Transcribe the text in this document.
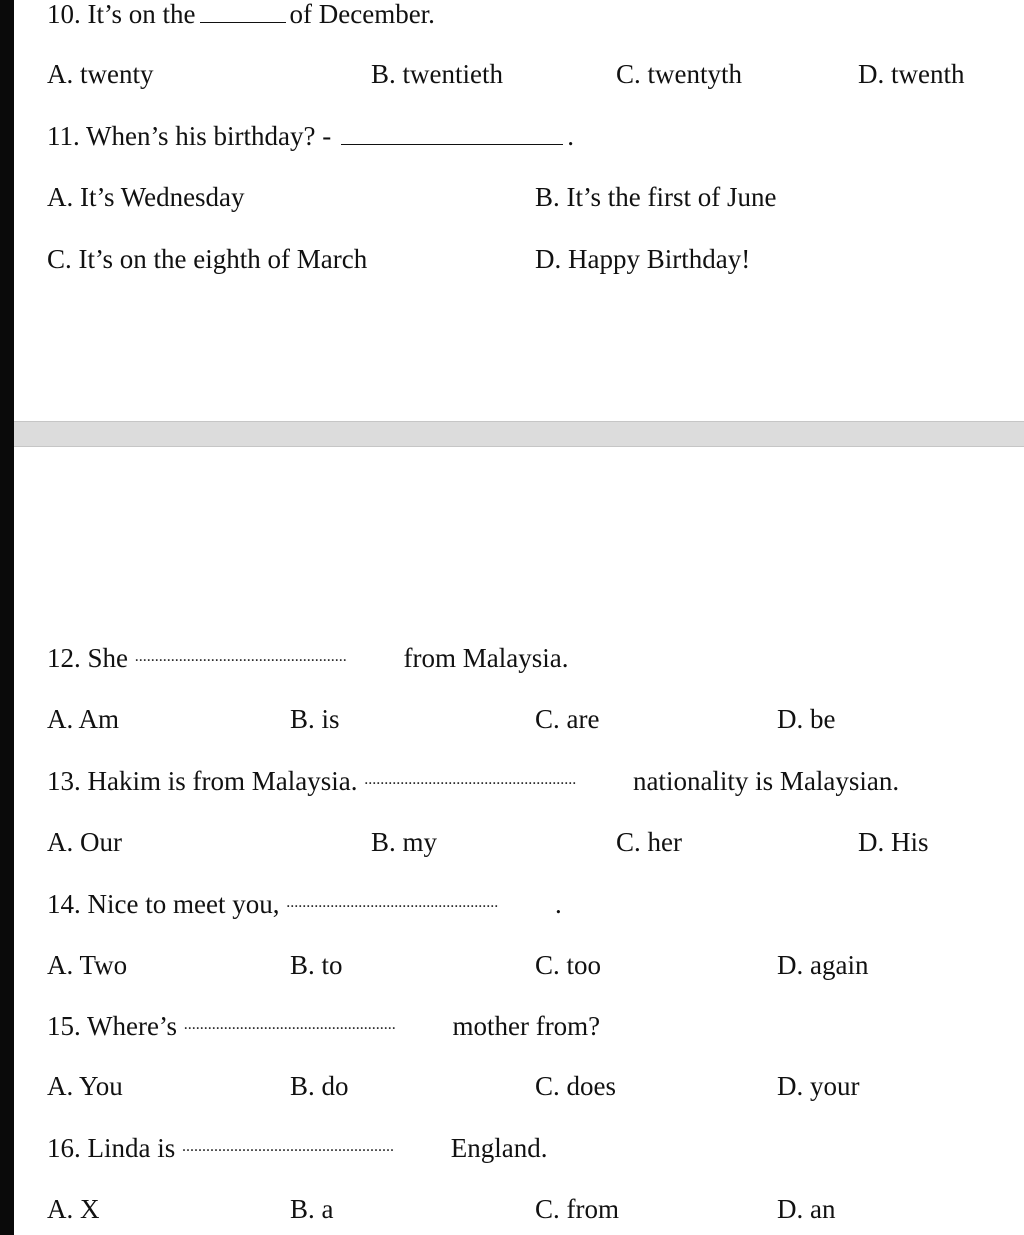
10. It’s on the	of December.
A. twenty	B. twentieth	C. twentyth	D. twenth
11. When’s his birthday? -	.
A. It’s Wednesday	B. It’s the first of June
C. It’s on the eighth of March	D. Happy Birthday!
12. She ..................................................... from Malaysia.
A. Am	B. is	C. are	D. be
13. Hakim is from Malaysia. ..................................................... nationality is Malaysian.
A. Our	B. my	C. her	D. His
14. Nice to meet you, ..................................................... .
A. Two	B. to	C. too	D. again
15. Where’s ..................................................... mother from?
A. You	B. do	C. does	D. your
16. Linda is ..................................................... England.
A. X	B. a	C. from	D. an
